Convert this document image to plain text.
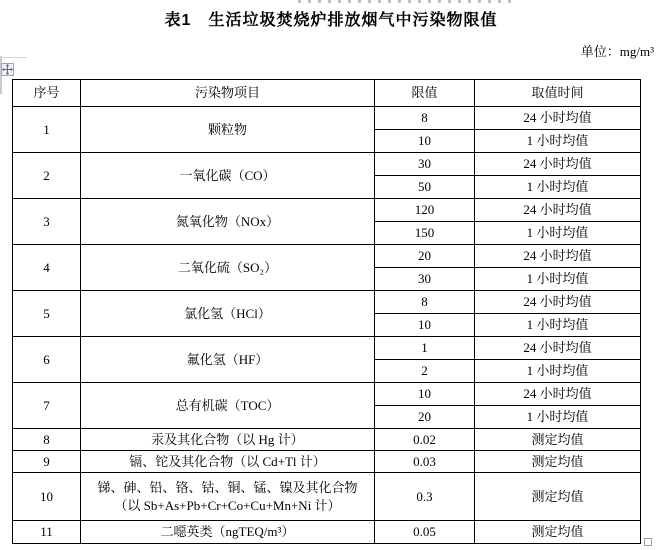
表1　生活垃圾焚烧炉排放烟气中污染物限值
单位：mg/m³
序号	污染物项目	限值	取值时间
1	颗粒物	8	24 小时均值
		10	1 小时均值
2	一氧化碳（CO）	30	24 小时均值
		50	1 小时均值
3	氮氧化物（NOx）	120	24 小时均值
		150	1 小时均值
4	二氧化硫（SO₂）	20	24 小时均值
		30	1 小时均值
5	氯化氢（HCl）	8	24 小时均值
		10	1 小时均值
6	氟化氢（HF）	1	24 小时均值
		2	1 小时均值
7	总有机碳（TOC）	10	24 小时均值
		20	1 小时均值
8	汞及其化合物（以 Hg 计）	0.02	测定均值
9	镉、铊及其化合物（以 Cd+Tl 计）	0.03	测定均值
10	锑、砷、铅、铬、钴、铜、锰、镍及其化合物（以 Sb+As+Pb+Cr+Co+Cu+Mn+Ni 计）	0.3	测定均值
11	二噁英类（ngTEQ/m³）	0.05	测定均值
